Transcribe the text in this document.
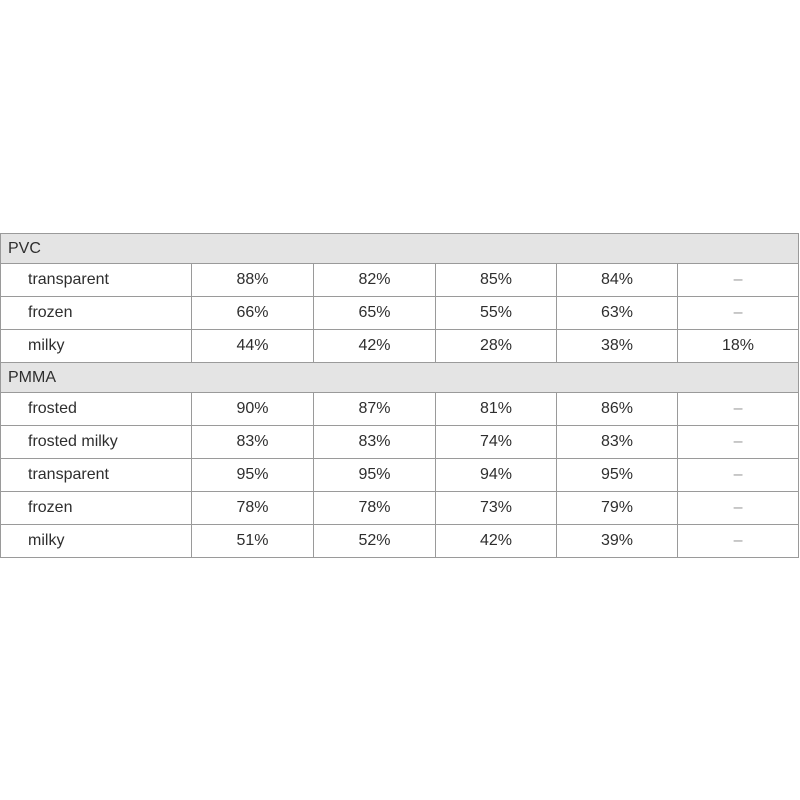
PVC					
transparent	88%	82%	85%	84%	–
frozen	66%	65%	55%	63%	–
milky	44%	42%	28%	38%	18%
PMMA					
frosted	90%	87%	81%	86%	–
frosted milky	83%	83%	74%	83%	–
transparent	95%	95%	94%	95%	–
frozen	78%	78%	73%	79%	–
milky	51%	52%	42%	39%	–
